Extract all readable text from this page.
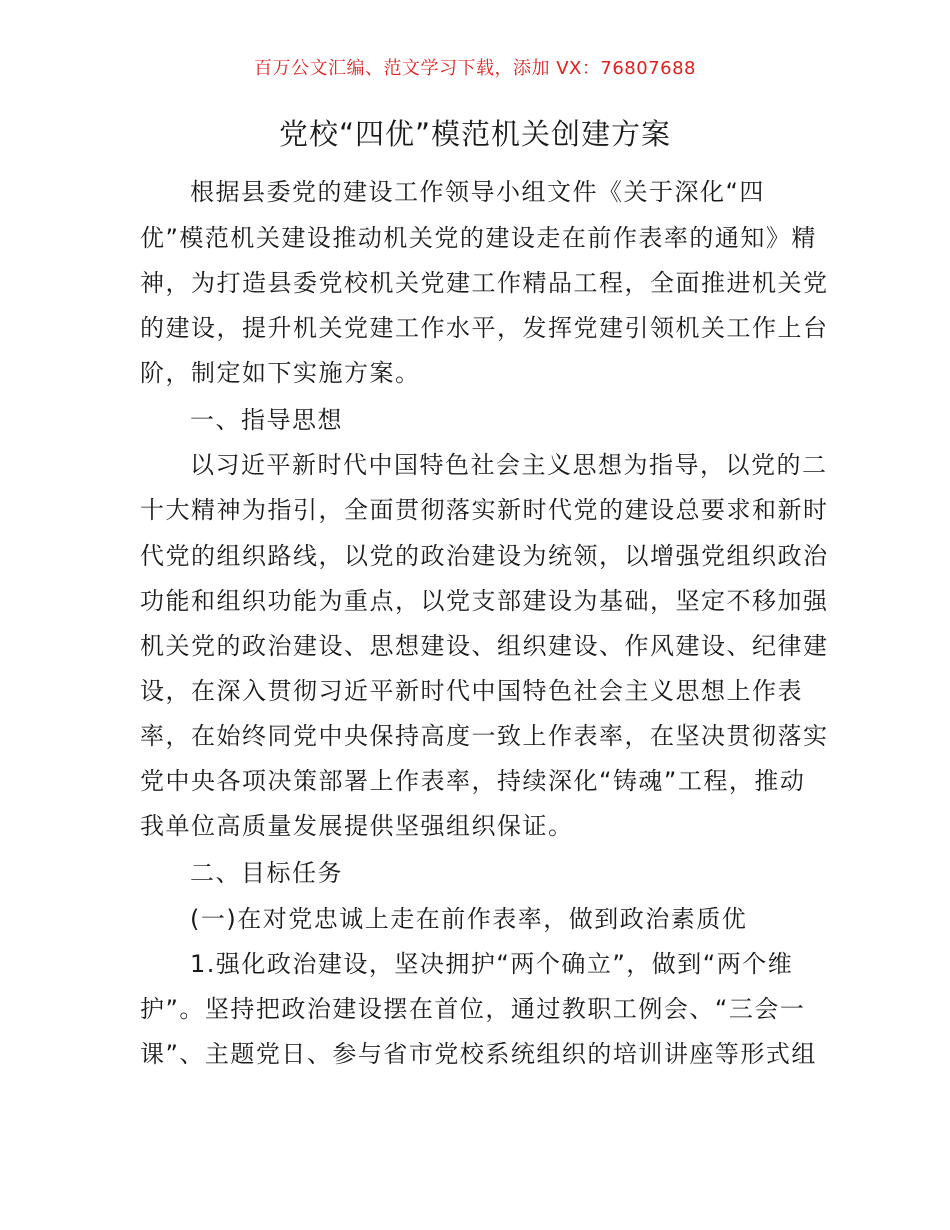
百万公文汇编、范文学习下载，添加 VX：76807688
党校“四优”模范机关创建方案
根据县委党的建设工作领导小组文件《关于深化“四
优”模范机关建设推动机关党的建设走在前作表率的通知》精
神，为打造县委党校机关党建工作精品工程，全面推进机关党
的建设，提升机关党建工作水平，发挥党建引领机关工作上台
阶，制定如下实施方案。
一、指导思想
以习近平新时代中国特色社会主义思想为指导，以党的二
十大精神为指引，全面贯彻落实新时代党的建设总要求和新时
代党的组织路线，以党的政治建设为统领，以增强党组织政治
功能和组织功能为重点，以党支部建设为基础，坚定不移加强
机关党的政治建设、思想建设、组织建设、作风建设、纪律建
设，在深入贯彻习近平新时代中国特色社会主义思想上作表
率，在始终同党中央保持高度一致上作表率，在坚决贯彻落实
党中央各项决策部署上作表率，持续深化“铸魂”工程，推动
我单位高质量发展提供坚强组织保证。
二、目标任务
(一)在对党忠诚上走在前作表率，做到政治素质优
1.强化政治建设，坚决拥护“两个确立”，做到“两个维
护”。坚持把政治建设摆在首位，通过教职工例会、“三会一
课”、主题党日、参与省市党校系统组织的培训讲座等形式组
